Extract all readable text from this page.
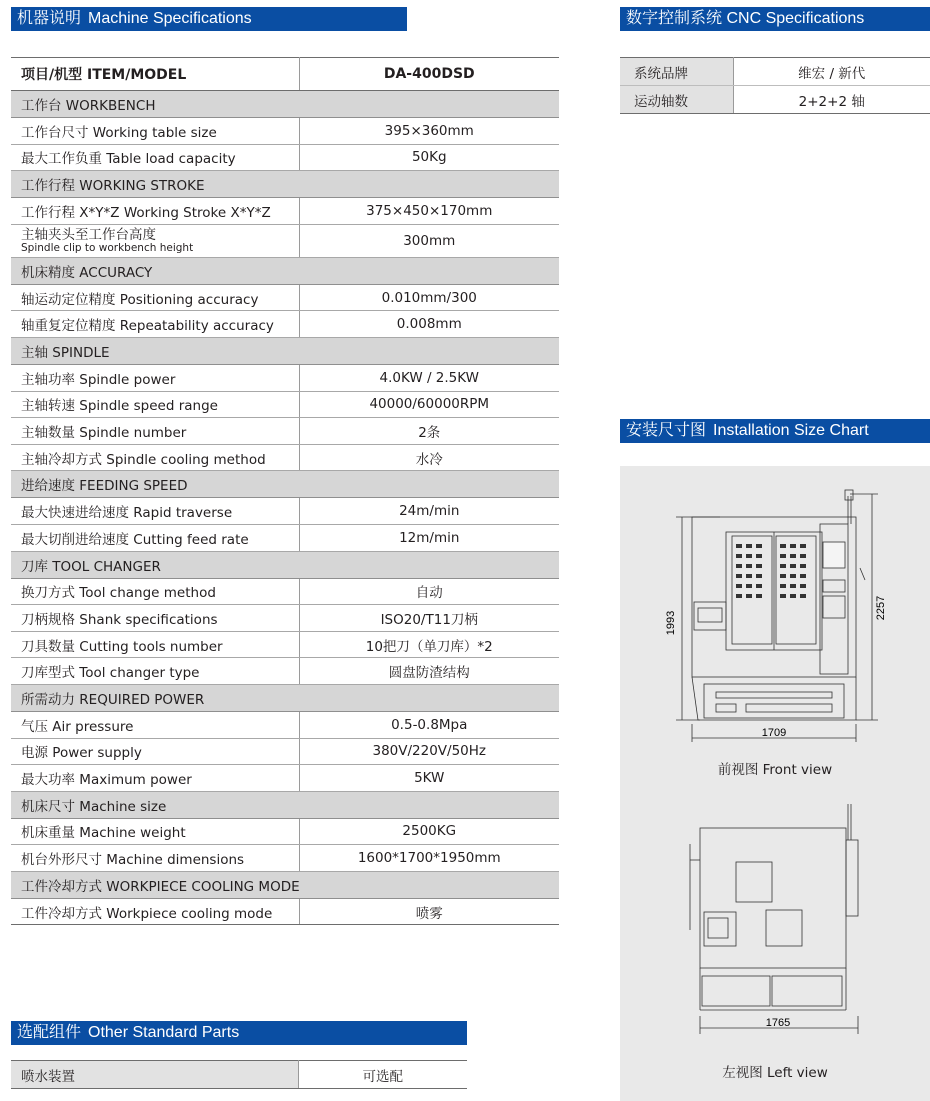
机器说明 Machine Specifications	数字控制系统 CNC Specifications
安装尺寸图 Installation Size Chart
选配组件 Other Standard Parts
项目/机型 ITEM/MODEL	DA-400DSD
工作台 WORKBENCH	
工作台尺寸 Working table size	395×360mm
最大工作负重 Table load capacity	50Kg
工作行程 WORKING STROKE	
工作行程 X*Y*Z Working Stroke X*Y*Z	375×450×170mm

主轴夹头至工作台高度
Spindle clip to workbench height	300mm
机床精度 ACCURACY	
轴运动定位精度 Positioning accuracy	0.010mm/300
轴重复定位精度 Repeatability accuracy	0.008mm
主轴 SPINDLE	
主轴功率 Spindle power	4.0KW / 2.5KW
主轴转速 Spindle speed range	40000/60000RPM
主轴数量 Spindle number	2条
主轴冷却方式 Spindle cooling method	水冷
进给速度 FEEDING SPEED	
最大快速进给速度 Rapid traverse	24m/min
最大切削进给速度 Cutting feed rate	12m/min
刀库 TOOL CHANGER	
换刀方式 Tool change method	自动
刀柄规格 Shank specifications	ISO20/T11刀柄
刀具数量 Cutting tools number	10把刀（单刀库）*2
刀库型式 Tool changer type	圆盘防渣结构
所需动力 REQUIRED POWER	
气压 Air pressure	0.5-0.8Mpa
电源 Power supply	380V/220V/50Hz
最大功率 Maximum power	5KW
机床尺寸 Machine size	
机床重量 Machine weight	2500KG
机台外形尺寸 Machine dimensions	1600*1700*1950mm
工件冷却方式 WORKPIECE COOLING MODE	
工件冷却方式 Workpiece cooling mode	喷雾
系统品牌	维宏 / 新代
运动轴数	2+2+2 轴
喷水装置	可选配
1993
2257
1709
前视图 Front view
1765
左视图 Left view
